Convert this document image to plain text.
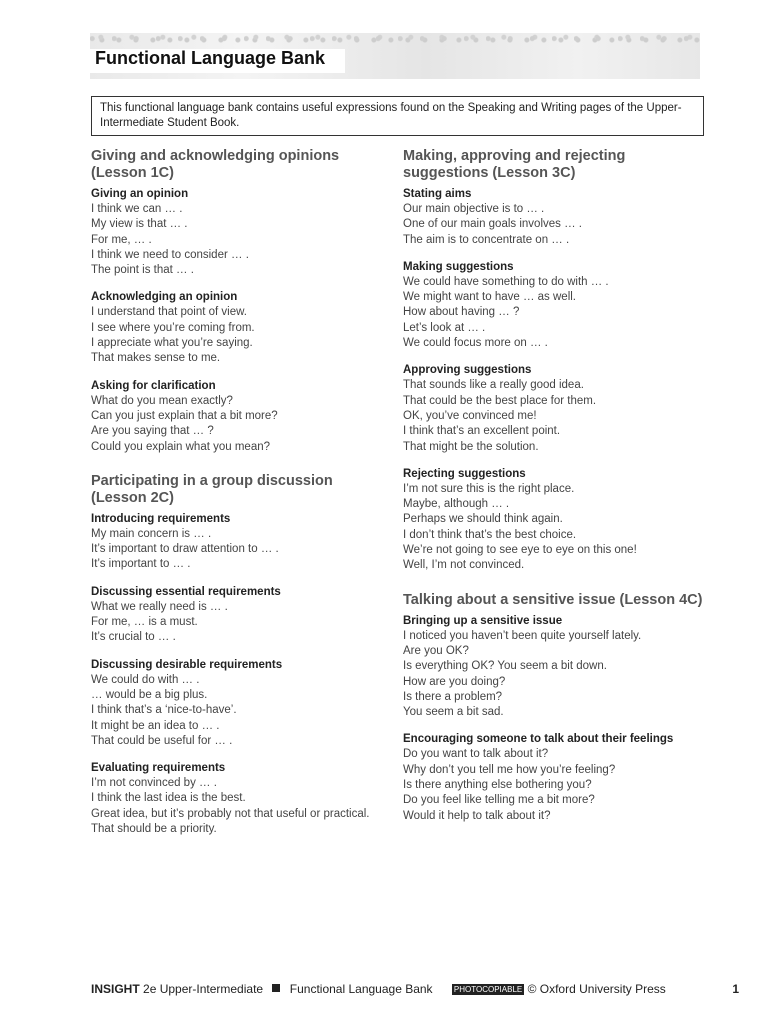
Functional Language Bank
This functional language bank contains useful expressions found on the Speaking and Writing pages of the Upper-Intermediate Student Book.
Giving and acknowledging opinions (Lesson 1C)
Giving an opinion
I think we can … .
My view is that … .
For me, … .
I think we need to consider … .
The point is that … .
Acknowledging an opinion
I understand that point of view.
I see where you’re coming from.
I appreciate what you’re saying.
That makes sense to me.
Asking for clarification
What do you mean exactly?
Can you just explain that a bit more?
Are you saying that … ?
Could you explain what you mean?
Participating in a group discussion (Lesson 2C)
Introducing requirements
My main concern is … .
It’s important to draw attention to … .
It’s important to … .
Discussing essential requirements
What we really need is … .
For me, … is a must.
It’s crucial to … .
Discussing desirable requirements
We could do with … .
… would be a big plus.
I think that’s a ‘nice-to-have’.
It might be an idea to … .
That could be useful for … .
Evaluating requirements
I’m not convinced by … .
I think the last idea is the best.
Great idea, but it’s probably not that useful or practical.
That should be a priority.
Making, approving and rejecting suggestions (Lesson 3C)
Stating aims
Our main objective is to … .
One of our main goals involves … .
The aim is to concentrate on … .
Making suggestions
We could have something to do with … .
We might want to have … as well.
How about having … ?
Let’s look at … .
We could focus more on … .
Approving suggestions
That sounds like a really good idea.
That could be the best place for them.
OK, you’ve convinced me!
I think that’s an excellent point.
That might be the solution.
Rejecting suggestions
I’m not sure this is the right place.
Maybe, although … .
Perhaps we should think again.
I don’t think that’s the best choice.
We’re not going to see eye to eye on this one!
Well, I’m not convinced.
Talking about a sensitive issue (Lesson 4C)
Bringing up a sensitive issue
I noticed you haven’t been quite yourself lately.
Are you OK?
Is everything OK? You seem a bit down.
How are you doing?
Is there a problem?
You seem a bit sad.
Encouraging someone to talk about their feelings
Do you want to talk about it?
Why don’t you tell me how you’re feeling?
Is there anything else bothering you?
Do you feel like telling me a bit more?
Would it help to talk about it?
INSIGHT 2e Upper-Intermediate Functional Language Bank	PHOTOCOPIABLE © Oxford University Press	1
